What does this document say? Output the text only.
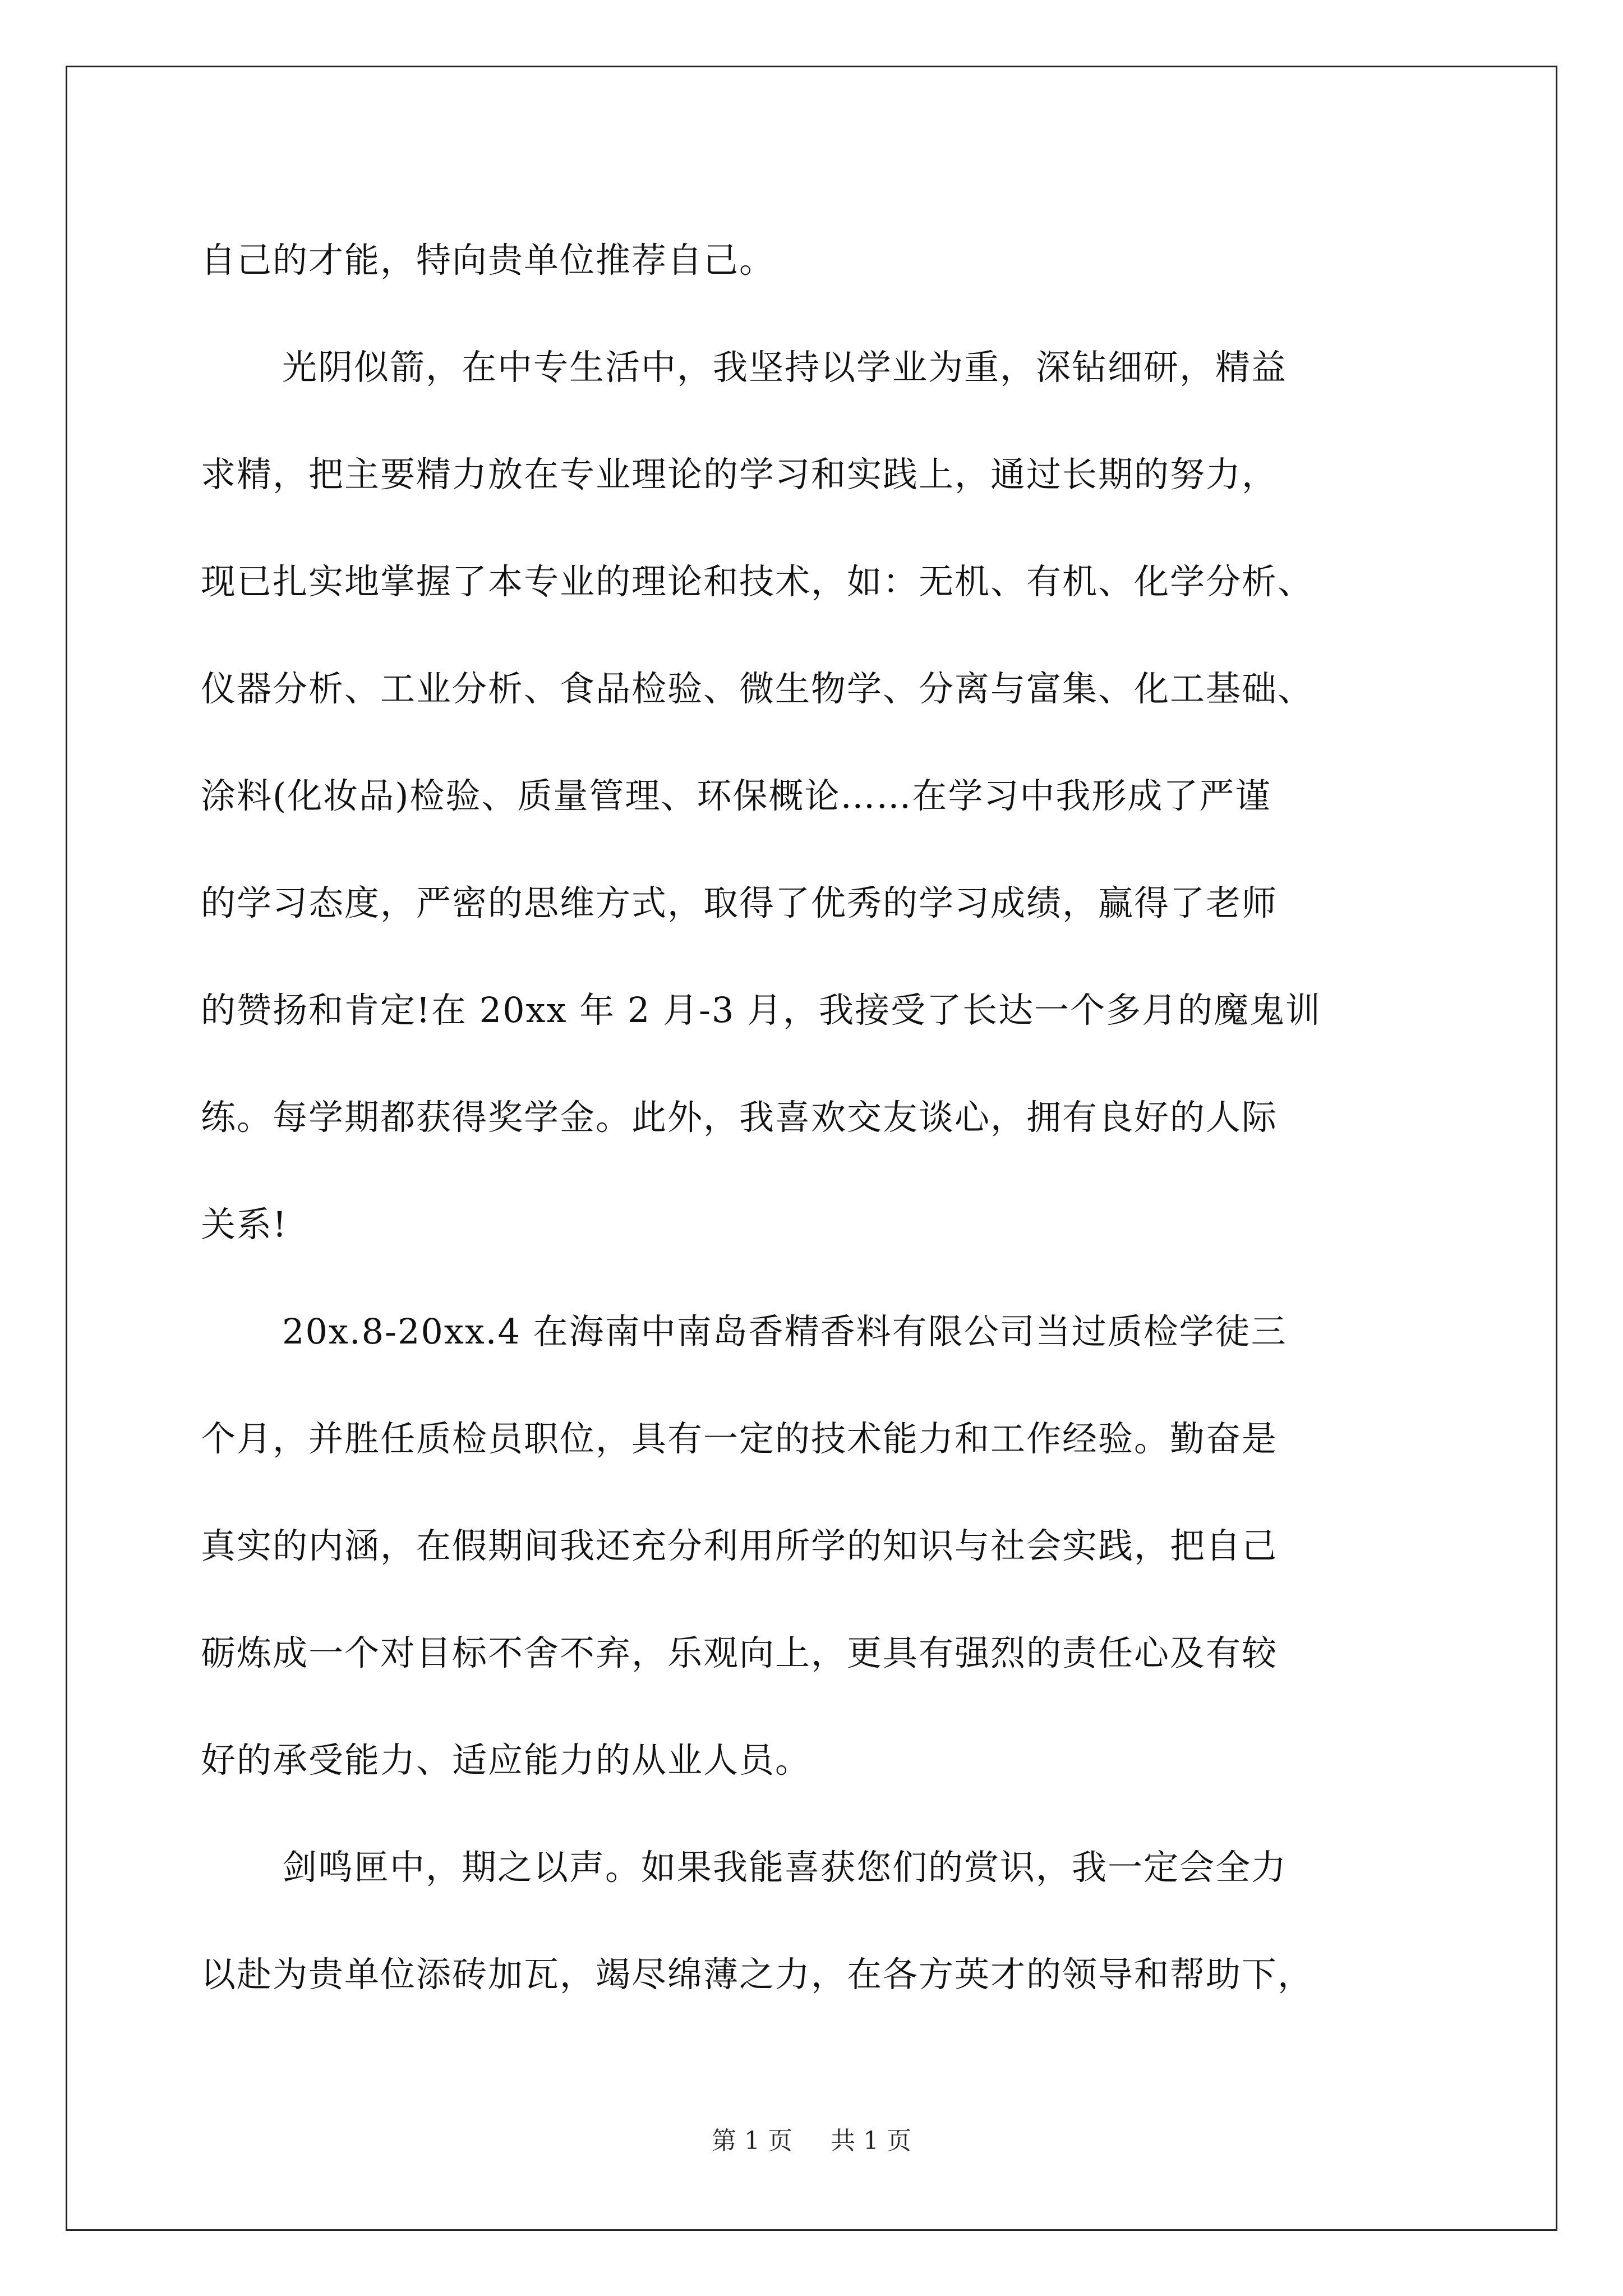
自己的才能，特向贵单位推荐自己。
光阴似箭，在中专生活中，我坚持以学业为重，深钻细研，精益
求精，把主要精力放在专业理论的学习和实践上，通过长期的努力，
现已扎实地掌握了本专业的理论和技术，如：无机、有机、化学分析、
仪器分析、工业分析、食品检验、微生物学、分离与富集、化工基础、
涂料(化妆品)检验、质量管理、环保概论……在学习中我形成了严谨
的学习态度，严密的思维方式，取得了优秀的学习成绩，赢得了老师
的赞扬和肯定!在 20xx 年 2 月-3 月，我接受了长达一个多月的魔鬼训
练。每学期都获得奖学金。此外，我喜欢交友谈心，拥有良好的人际
关系!
20x.8-20xx.4 在海南中南岛香精香料有限公司当过质检学徒三
个月，并胜任质检员职位，具有一定的技术能力和工作经验。勤奋是
真实的内涵，在假期间我还充分利用所学的知识与社会实践，把自己
砺炼成一个对目标不舍不弃，乐观向上，更具有强烈的责任心及有较
好的承受能力、适应能力的从业人员。
剑鸣匣中，期之以声。如果我能喜获您们的赏识，我一定会全力
以赴为贵单位添砖加瓦，竭尽绵薄之力，在各方英才的领导和帮助下，
第 1 页 共 1 页
